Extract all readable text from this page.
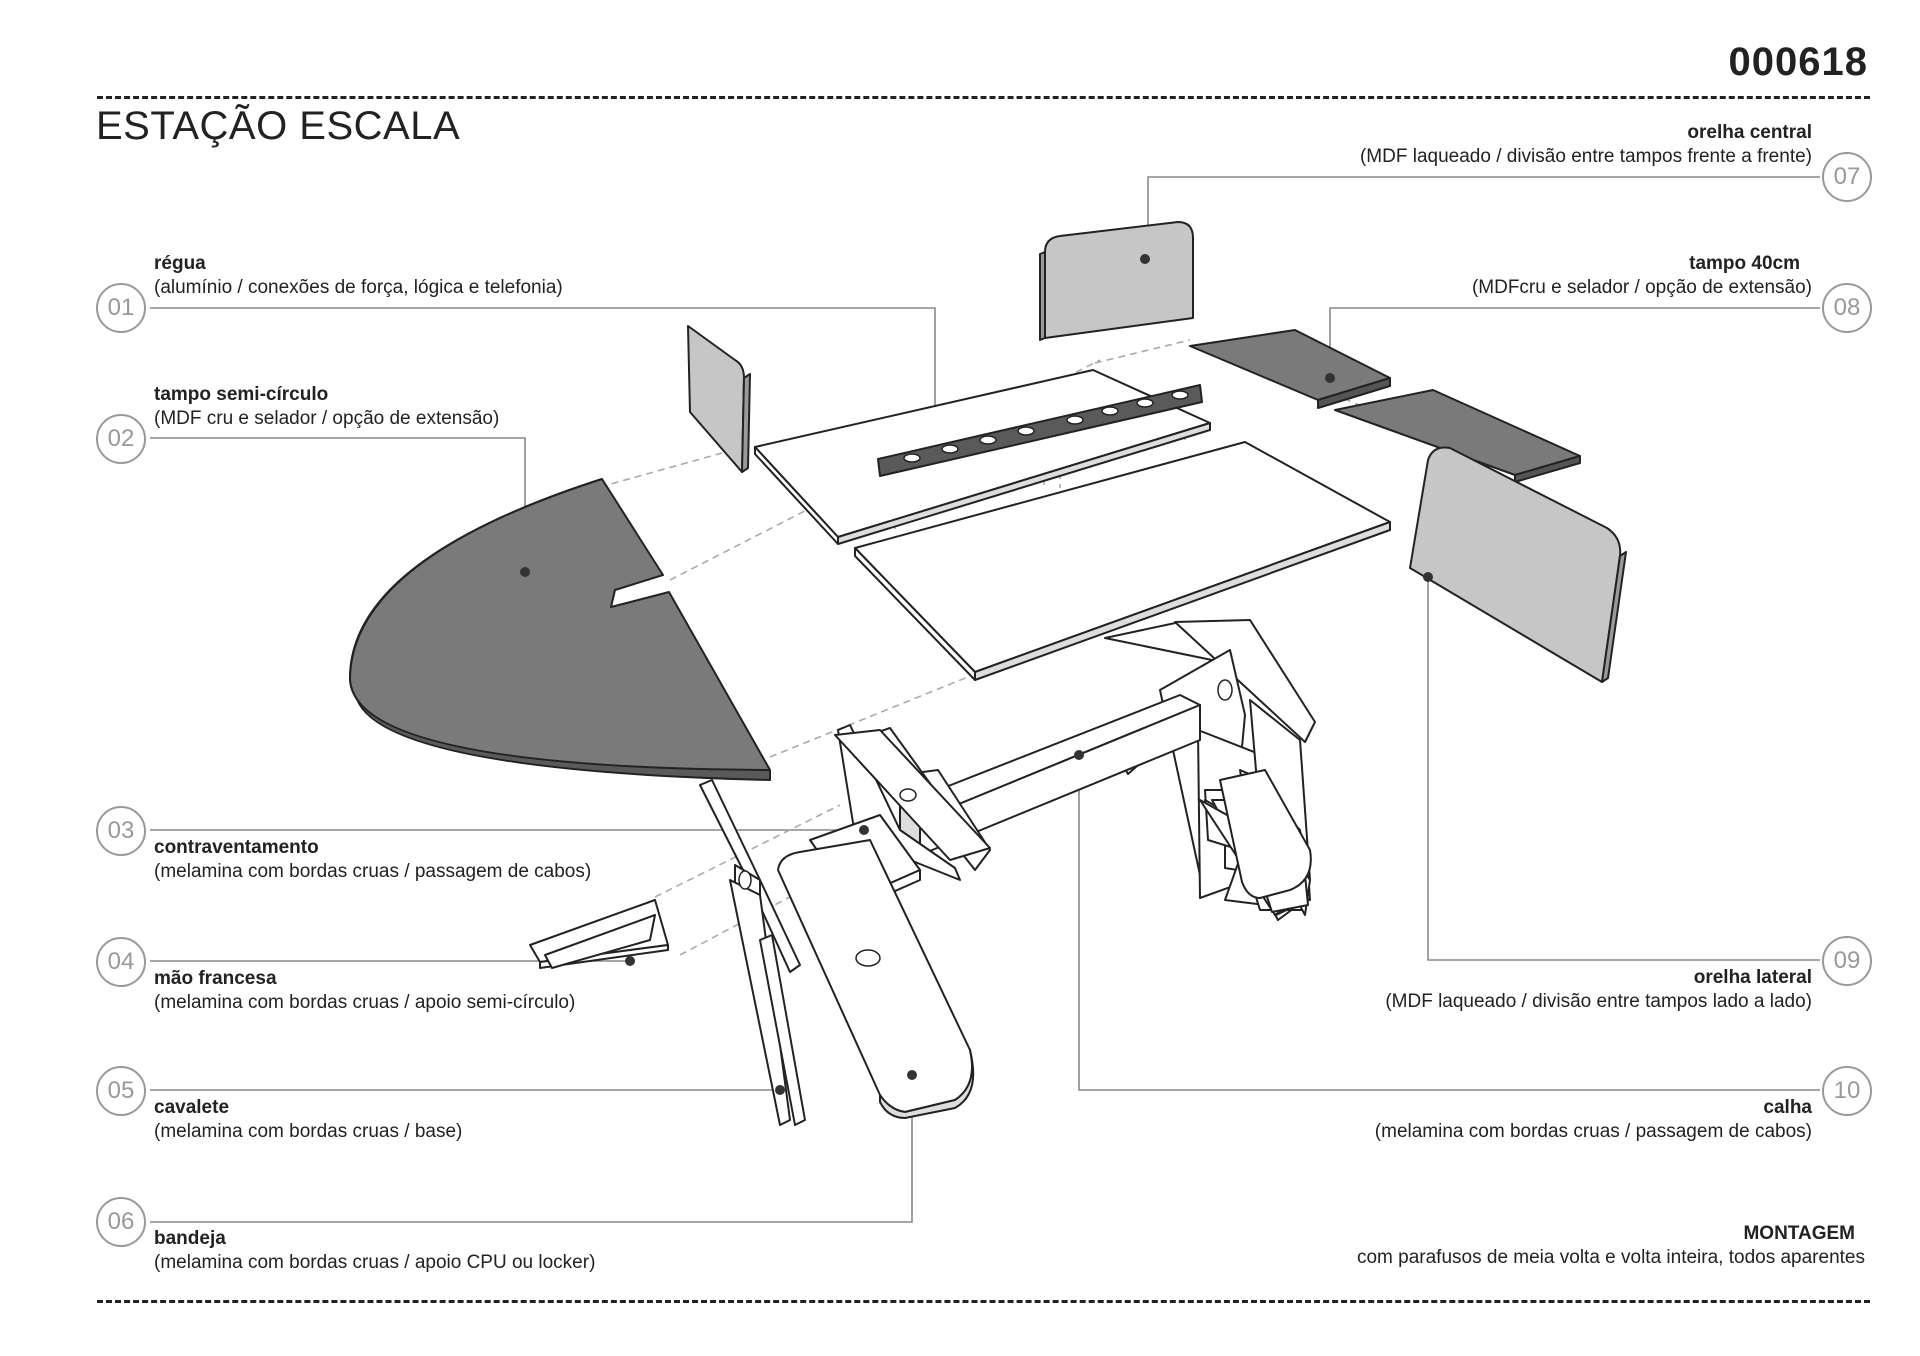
000618
ESTAÇÃO ESCALA
01
régua
(alumínio / conexões de força, lógica e telefonia)
02
tampo semi-círculo
(MDF cru e selador / opção de extensão)
03
contraventamento
(melamina com bordas cruas / passagem de cabos)
04
mão francesa
(melamina com bordas cruas / apoio semi-círculo)
05
cavalete
(melamina com bordas cruas / base)
06
bandeja
(melamina com bordas cruas / apoio CPU ou locker)
07
orelha central
(MDF laqueado / divisão entre tampos frente a frente)
08
tampo 40cm
(MDFcru e selador / opção de extensão)
09
orelha lateral
(MDF laqueado / divisão entre tampos lado a lado)
10
calha
(melamina com bordas cruas / passagem de cabos)
MONTAGEM
com parafusos de meia volta e volta inteira, todos aparentes
